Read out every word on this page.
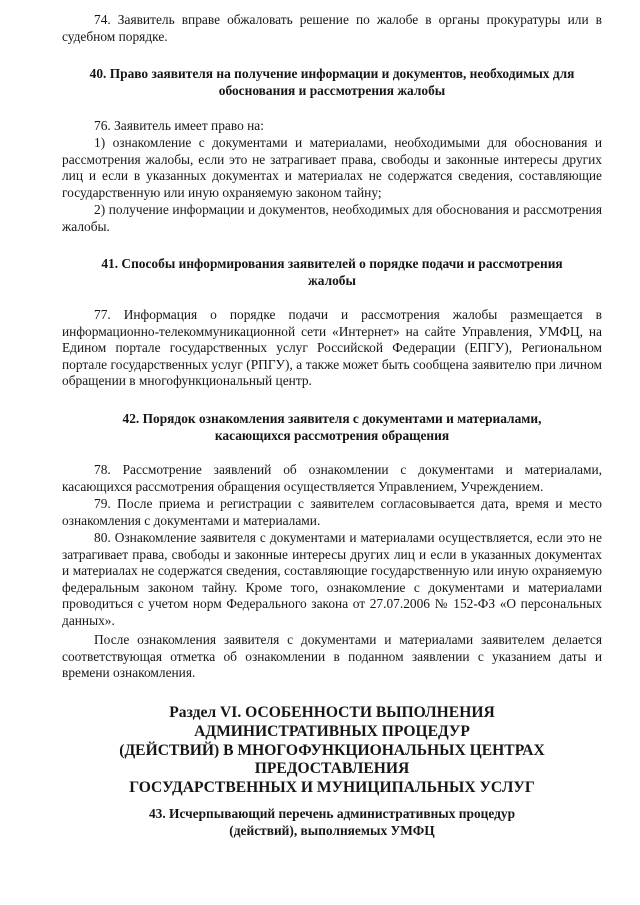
74. Заявитель вправе обжаловать решение по жалобе в органы прокуратуры или в судебном порядке.

40. Право заявителя на получение информации и документов, необходимых для обоснования и рассмотрения жалобы

76. Заявитель имеет право на:

1) ознакомление с документами и материалами, необходимыми для обоснования и рассмотрения жалобы, если это не затрагивает права, свободы и законные интересы других лиц и если в указанных документах и материалах не содержатся сведения, составляющие государственную или иную охраняемую законом тайну;

2) получение информации и документов, необходимых для обоснования и рассмотрения жалобы.

41. Способы информирования заявителей о порядке подачи и рассмотрения жалобы

77. Информация о порядке подачи и рассмотрения жалобы размещается в информационно-телекоммуникационной сети «Интернет» на сайте Управления, УМФЦ, на Едином портале государственных услуг Российской Федерации (ЕПГУ), Региональном портале государственных услуг (РПГУ), а также может быть сообщена заявителю при личном обращении в многофункциональный центр.

42. Порядок ознакомления заявителя с документами и материалами, касающихся рассмотрения обращения

78. Рассмотрение заявлений об ознакомлении с документами и материалами, касающихся рассмотрения обращения осуществляется Управлением, Учреждением.

79. После приема и регистрации с заявителем согласовывается дата, время и место ознакомления с документами и материалами.

80. Ознакомление заявителя с документами и материалами осуществляется, если это не затрагивает права, свободы и законные интересы других лиц и если в указанных документах и материалах не содержатся сведения, составляющие государственную или иную охраняемую федеральным законом тайну. Кроме того, ознакомление с документами и материалами проводиться с учетом норм Федерального закона от 27.07.2006 № 152-ФЗ «О персональных данных».

После ознакомления заявителя с документами и материалами заявителем делается соответствующая отметка об ознакомлении в поданном заявлении с указанием даты и времени ознакомления.

Раздел VI. ОСОБЕННОСТИ ВЫПОЛНЕНИЯ АДМИНИСТРАТИВНЫХ ПРОЦЕДУР
(ДЕЙСТВИЙ) В МНОГОФУНКЦИОНАЛЬНЫХ ЦЕНТРАХ ПРЕДОСТАВЛЕНИЯ
ГОСУДАРСТВЕННЫХ И МУНИЦИПАЛЬНЫХ УСЛУГ
43. Исчерпывающий перечень административных процедур (действий), выполняемых УМФЦ
